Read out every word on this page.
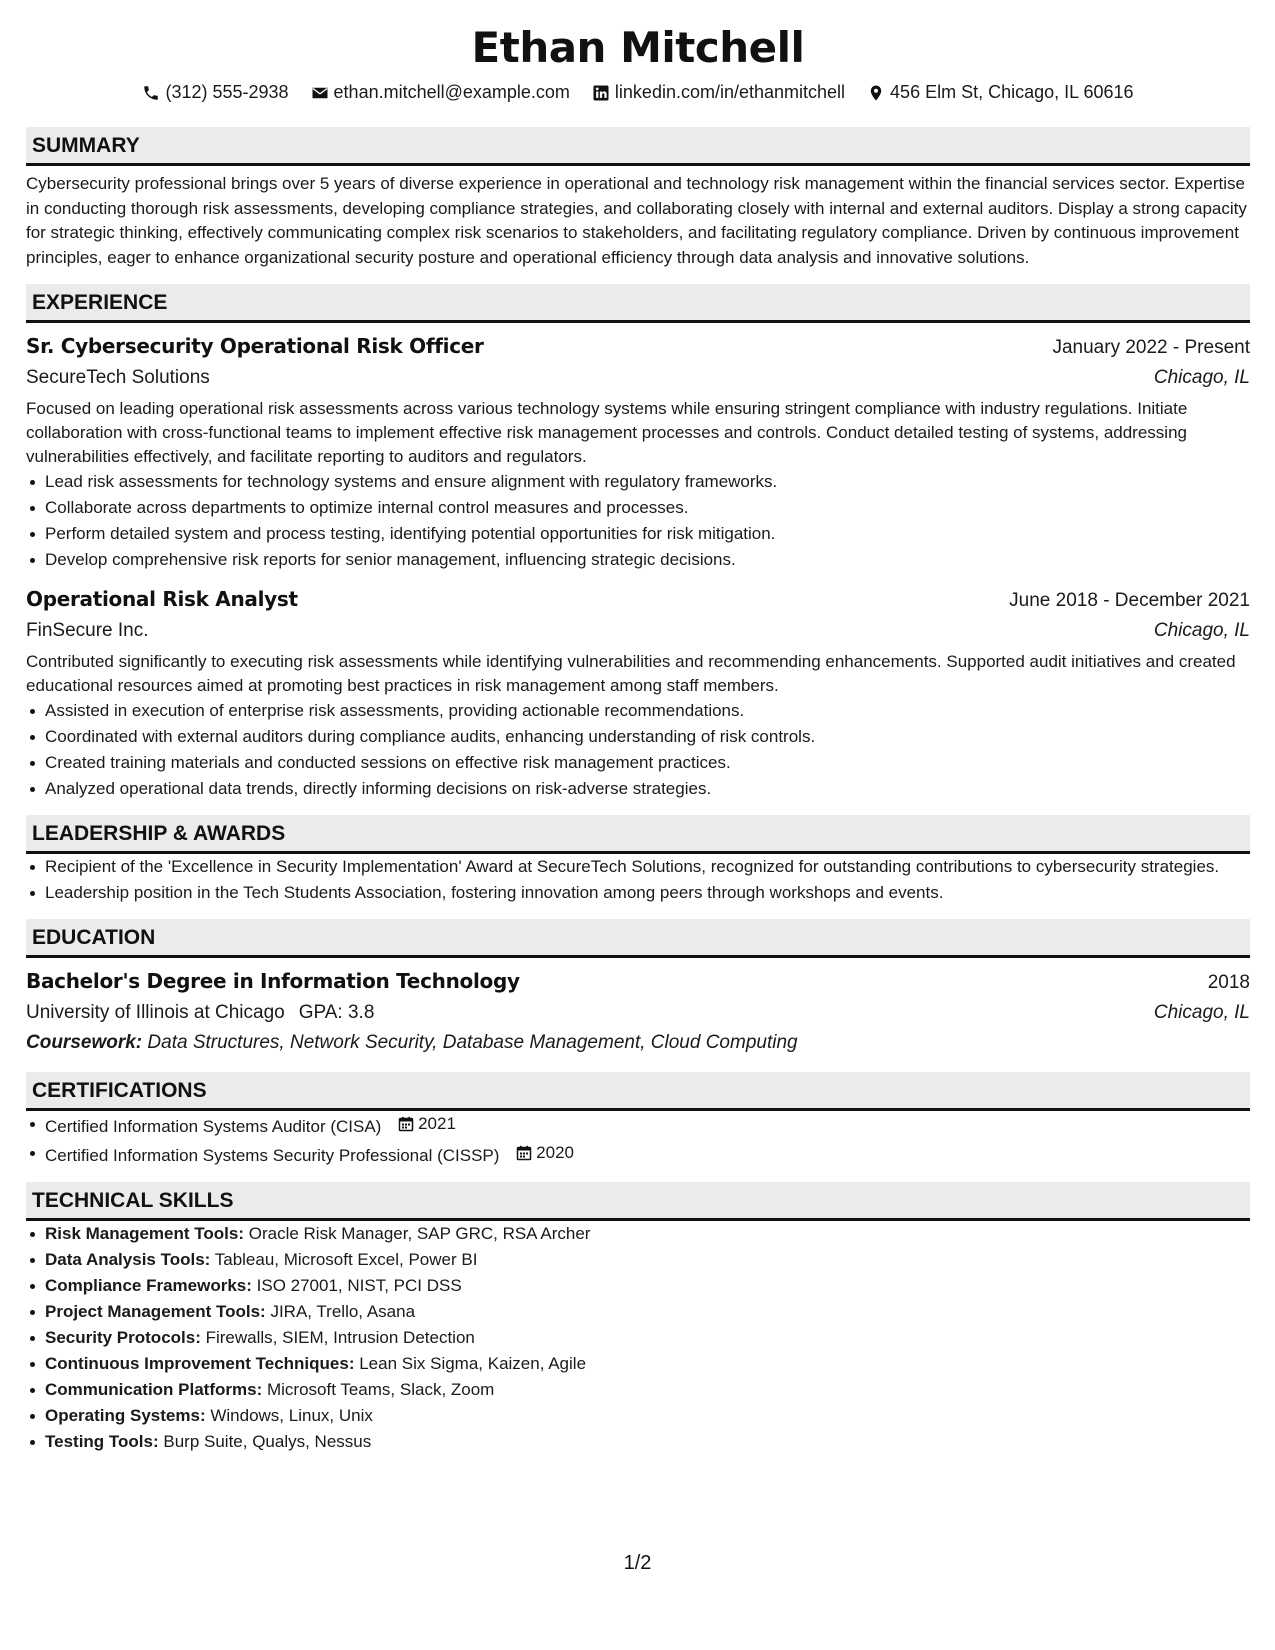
Ethan Mitchell
(312) 555-2938	ethan.mitchell@example.com	linkedin.com/in/ethanmitchell	456 Elm St, Chicago, IL 60616
SUMMARY

Cybersecurity professional brings over 5 years of diverse experience in operational and technology risk management within the financial services sector. Expertise in conducting thorough risk assessments, developing compliance strategies, and collaborating closely with internal and external auditors. Display a strong capacity for strategic thinking, effectively communicating complex risk scenarios to stakeholders, and facilitating regulatory compliance. Driven by continuous improvement principles, eager to enhance organizational security posture and operational efficiency through data analysis and innovative solutions.

EXPERIENCE
Sr. Cybersecurity Operational Risk Officer	January 2022 - Present
SecureTech Solutions	Chicago, IL

Focused on leading operational risk assessments across various technology systems while ensuring stringent compliance with industry regulations. Initiate collaboration with cross-functional teams to implement effective risk management processes and controls. Conduct detailed testing of systems, addressing vulnerabilities effectively, and facilitate reporting to auditors and regulators.

Lead risk assessments for technology systems and ensure alignment with regulatory frameworks.
Collaborate across departments to optimize internal control measures and processes.
Perform detailed system and process testing, identifying potential opportunities for risk mitigation.
Develop comprehensive risk reports for senior management, influencing strategic decisions.
Operational Risk Analyst	June 2018 - December 2021
FinSecure Inc.	Chicago, IL

Contributed significantly to executing risk assessments while identifying vulnerabilities and recommending enhancements. Supported audit initiatives and created educational resources aimed at promoting best practices in risk management among staff members.

Assisted in execution of enterprise risk assessments, providing actionable recommendations.
Coordinated with external auditors during compliance audits, enhancing understanding of risk controls.
Created training materials and conducted sessions on effective risk management practices.
Analyzed operational data trends, directly informing decisions on risk-adverse strategies.
LEADERSHIP & AWARDS
Recipient of the 'Excellence in Security Implementation' Award at SecureTech Solutions, recognized for outstanding contributions to cybersecurity strategies.
Leadership position in the Tech Students Association, fostering innovation among peers through workshops and events.
EDUCATION
Bachelor's Degree in Information Technology	2018
University of Illinois at Chicago GPA: 3.8	Chicago, IL
Coursework: Data Structures, Network Security, Database Management, Cloud Computing
CERTIFICATIONS
Certified Information Systems Auditor (CISA) 2021
Certified Information Systems Security Professional (CISSP) 2020
TECHNICAL SKILLS
Risk Management Tools: Oracle Risk Manager, SAP GRC, RSA Archer
Data Analysis Tools: Tableau, Microsoft Excel, Power BI
Compliance Frameworks: ISO 27001, NIST, PCI DSS
Project Management Tools: JIRA, Trello, Asana
Security Protocols: Firewalls, SIEM, Intrusion Detection
Continuous Improvement Techniques: Lean Six Sigma, Kaizen, Agile
Communication Platforms: Microsoft Teams, Slack, Zoom
Operating Systems: Windows, Linux, Unix
Testing Tools: Burp Suite, Qualys, Nessus
1/2
